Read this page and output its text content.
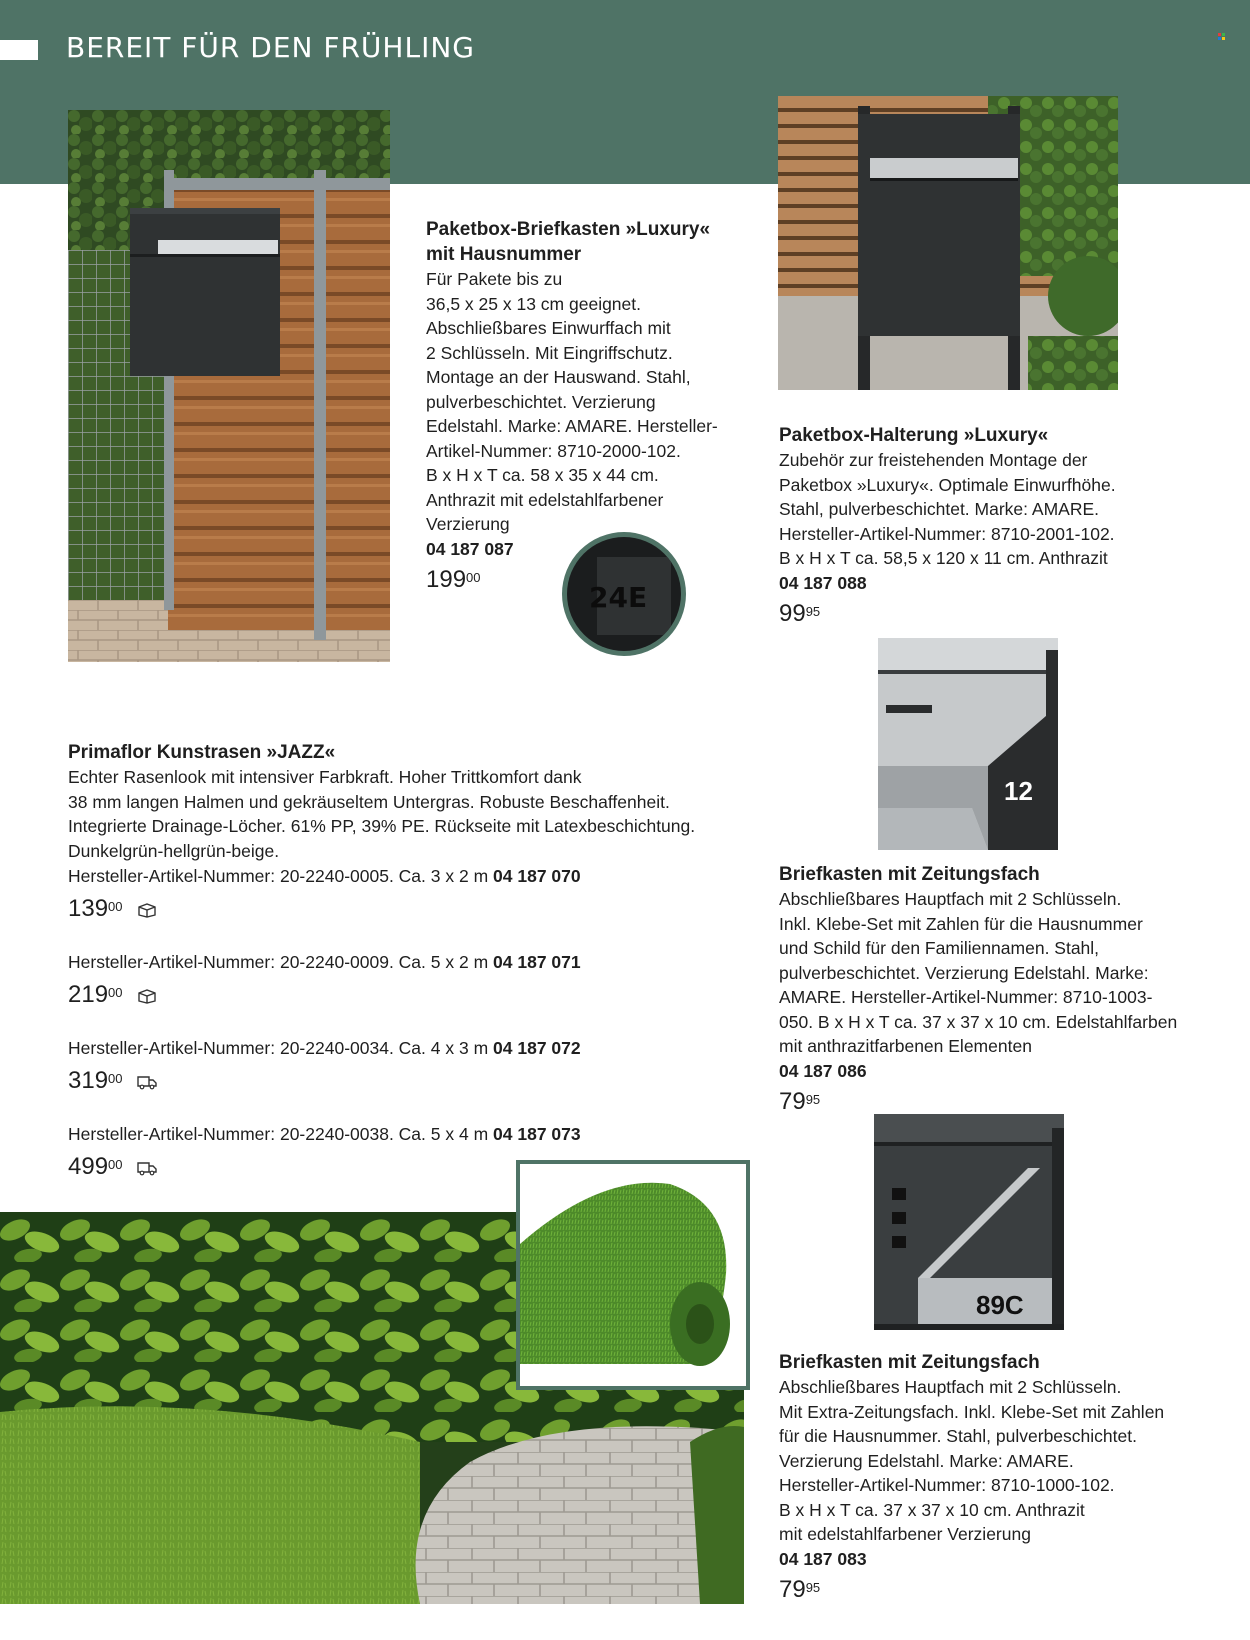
BEREIT FÜR DEN FRÜHLING
24E
Paketbox-Briefkasten »Luxury«
mit Hausnummer
Für Pakete bis zu
36,5 x 25 x 13 cm geeignet.
Abschließbares Einwurffach mit
2 Schlüsseln. Mit Eingriffschutz.
Montage an der Hauswand. Stahl,
pulverbeschichtet. Verzierung
Edelstahl. Marke: AMARE. Hersteller-
Artikel-Nummer: 8710-2000-102.
B x H x T ca. 58 x 35 x 44 cm.
Anthrazit mit edelstahlfarbener
Verzierung
04 187 087
$199^{00}$
Paketbox-Halterung »Luxury«
Zubehör zur freistehenden Montage der
Paketbox »Luxury«. Optimale Einwurfhöhe.
Stahl, pulverbeschichtet. Marke: AMARE.
Hersteller-Artikel-Nummer: 8710-2001-102.
B x H x T ca. 58,5 x 120 x 11 cm. Anthrazit
04 187 088
$99^{95}$
12
Briefkasten mit Zeitungsfach
Abschließbares Hauptfach mit 2 Schlüsseln.
Inkl. Klebe-Set mit Zahlen für die Hausnummer
und Schild für den Familiennamen. Stahl,
pulverbeschichtet. Verzierung Edelstahl. Marke:
AMARE. Hersteller-Artikel-Nummer: 8710-1003-
050. B x H x T ca. 37 x 37 x 10 cm. Edelstahlfarben
mit anthrazitfarbenen Elementen
04 187 086
$79^{95}$
89C
Briefkasten mit Zeitungsfach
Abschließbares Hauptfach mit 2 Schlüsseln.
Mit Extra-Zeitungsfach. Inkl. Klebe-Set mit Zahlen
für die Hausnummer. Stahl, pulverbeschichtet.
Verzierung Edelstahl. Marke: AMARE.
Hersteller-Artikel-Nummer: 8710-1000-102.
B x H x T ca. 37 x 37 x 10 cm. Anthrazit
mit edelstahlfarbener Verzierung
04 187 083
$79^{95}$
Primaflor Kunstrasen »JAZZ«
Echter Rasenlook mit intensiver Farbkraft. Hoher Trittkomfort dank
38 mm langen Halmen und gekräuseltem Untergras. Robuste Beschaffenheit.
Integrierte Drainage-Löcher. 61% PP, 39% PE. Rückseite mit Latexbeschichtung.
Dunkelgrün-hellgrün-beige.
Hersteller-Artikel-Nummer: 20-2240-0005. Ca. 3 x 2 m 04 187 070
$139^{00}$
Hersteller-Artikel-Nummer: 20-2240-0009. Ca. 5 x 2 m 04 187 071
$219^{00}$
Hersteller-Artikel-Nummer: 20-2240-0034. Ca. 4 x 3 m 04 187 072
$319^{00}$
Hersteller-Artikel-Nummer: 20-2240-0038. Ca. 5 x 4 m 04 187 073
$499^{00}$
